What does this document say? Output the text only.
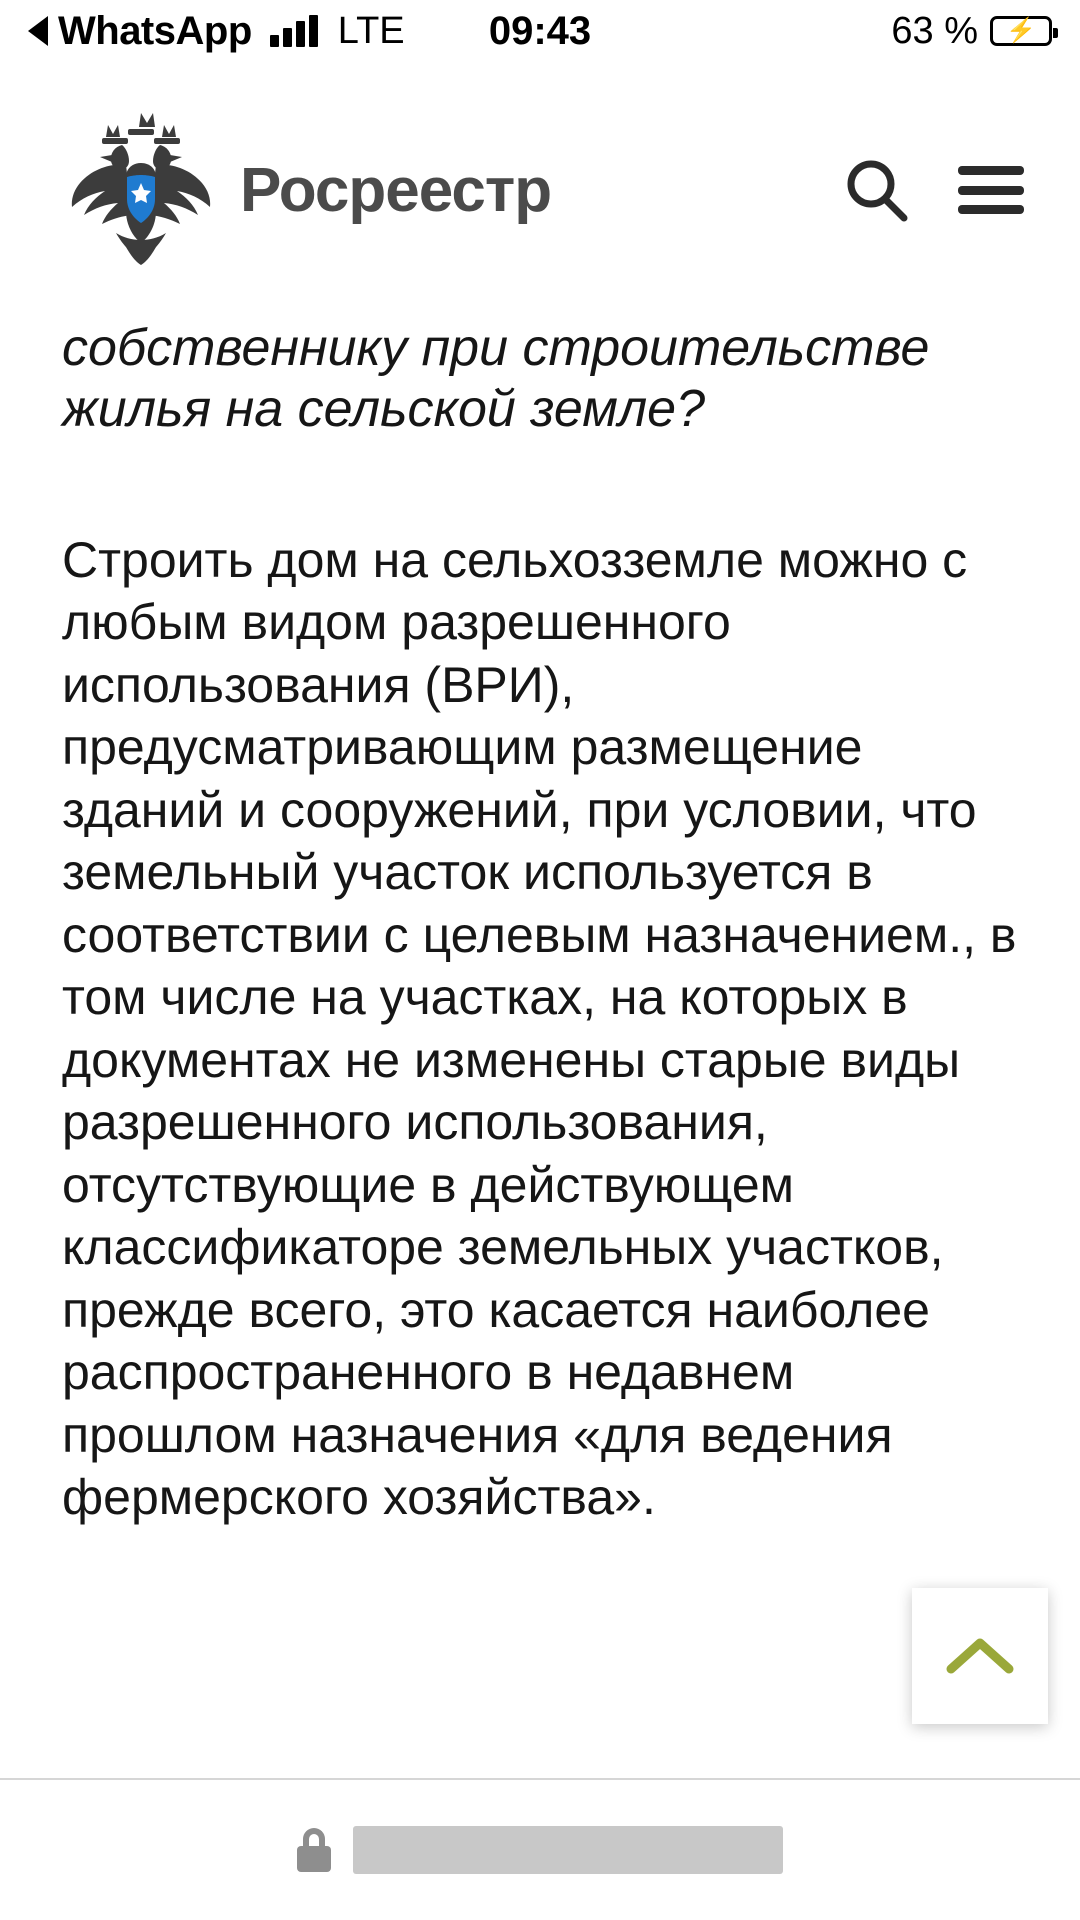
WhatsApp LTE	09:43	63 % ⚡
Росреестр

собственнику при строительстве жилья на сельской земле?

Строить дом на сельхозземле можно с любым видом разрешенного использования (ВРИ), предусматривающим размещение зданий и сооружений, при условии, что земельный участок используется в соответствии с целевым назначением., в том числе на участках, на которых в документах не изменены старые виды разрешенного использования, отсутствующие в действующем классификаторе земельных участков, прежде всего, это касается наиболее распространенного в недавнем прошлом назначения «для ведения фермерского хозяйства».
